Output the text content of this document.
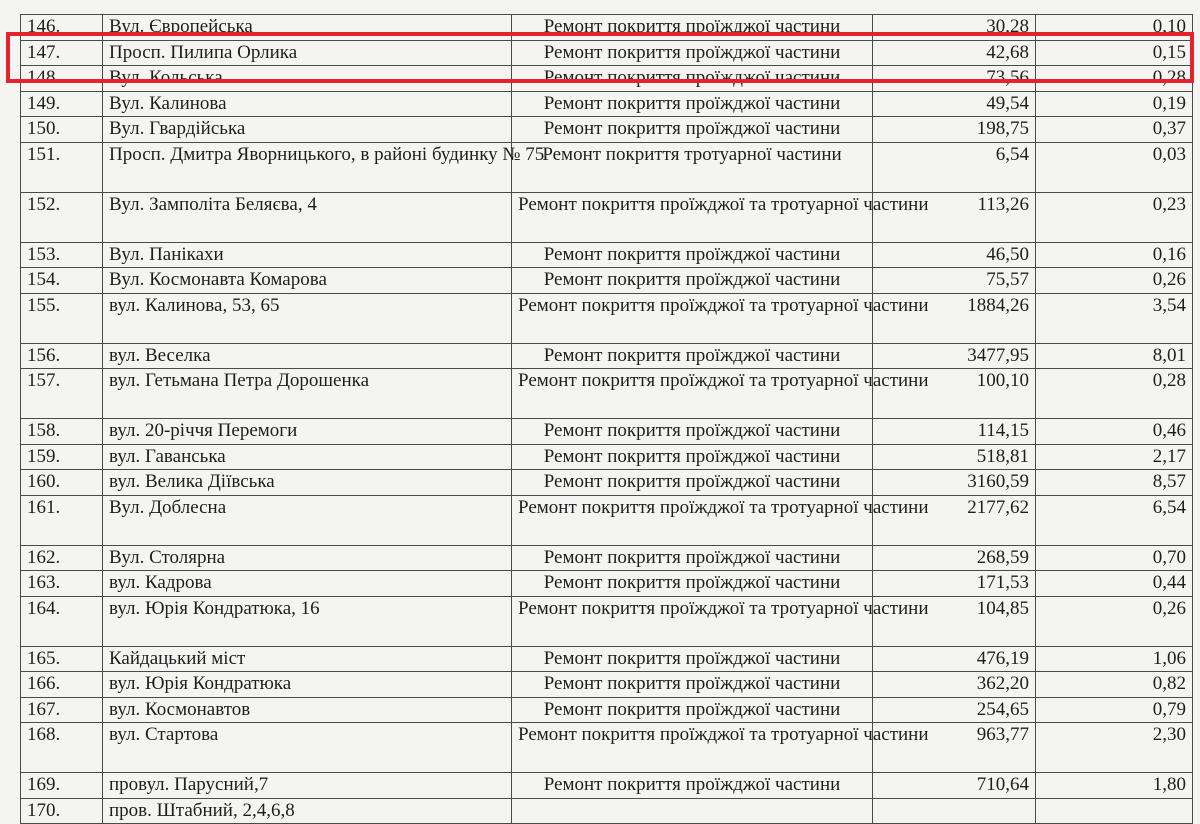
146.	Вул. Європейська	Ремонт покриття проїжджої частини	30,28	0,10
147.	Просп. Пилипа Орлика	Ремонт покриття проїжджої частини	42,68	0,15
148.	Вул. Кольська	Ремонт покриття проїжджої частини	73,56	0,28
149.	Вул. Калинова	Ремонт покриття проїжджої частини	49,54	0,19
150.	Вул. Гвардійська	Ремонт покриття проїжджої частини	198,75	0,37
151.	Просп. Дмитра Яворницького, в районі будинку № 75	Ремонт покриття тротуарної частини	6,54	0,03
152.	Вул. Замполіта Беляєва, 4	Ремонт покриття проїжджої та тротуарної частини	113,26	0,23
153.	Вул. Панікахи	Ремонт покриття проїжджої частини	46,50	0,16
154.	Вул. Космонавта Комарова	Ремонт покриття проїжджої частини	75,57	0,26
155.	вул. Калинова, 53, 65	Ремонт покриття проїжджої та тротуарної частини	1884,26	3,54
156.	вул. Веселка	Ремонт покриття проїжджої частини	3477,95	8,01
157.	вул. Гетьмана Петра Дорошенка	Ремонт покриття проїжджої та тротуарної частини	100,10	0,28
158.	вул. 20-річчя Перемоги	Ремонт покриття проїжджої частини	114,15	0,46
159.	вул. Гаванська	Ремонт покриття проїжджої частини	518,81	2,17
160.	вул. Велика Діївська	Ремонт покриття проїжджої частини	3160,59	8,57
161.	Вул. Доблесна	Ремонт покриття проїжджої та тротуарної частини	2177,62	6,54
162.	Вул. Столярна	Ремонт покриття проїжджої частини	268,59	0,70
163.	вул. Кадрова	Ремонт покриття проїжджої частини	171,53	0,44
164.	вул. Юрія Кондратюка, 16	Ремонт покриття проїжджої та тротуарної частини	104,85	0,26
165.	Кайдацький міст	Ремонт покриття проїжджої частини	476,19	1,06
166.	вул. Юрія Кондратюка	Ремонт покриття проїжджої частини	362,20	0,82
167.	вул. Космонавтов	Ремонт покриття проїжджої частини	254,65	0,79
168.	вул. Стартова	Ремонт покриття проїжджої та тротуарної частини	963,77	2,30
169.	провул. Парусний,7	Ремонт покриття проїжджої частини	710,64	1,80
170.	пров. Штабний, 2,4,6,8			
